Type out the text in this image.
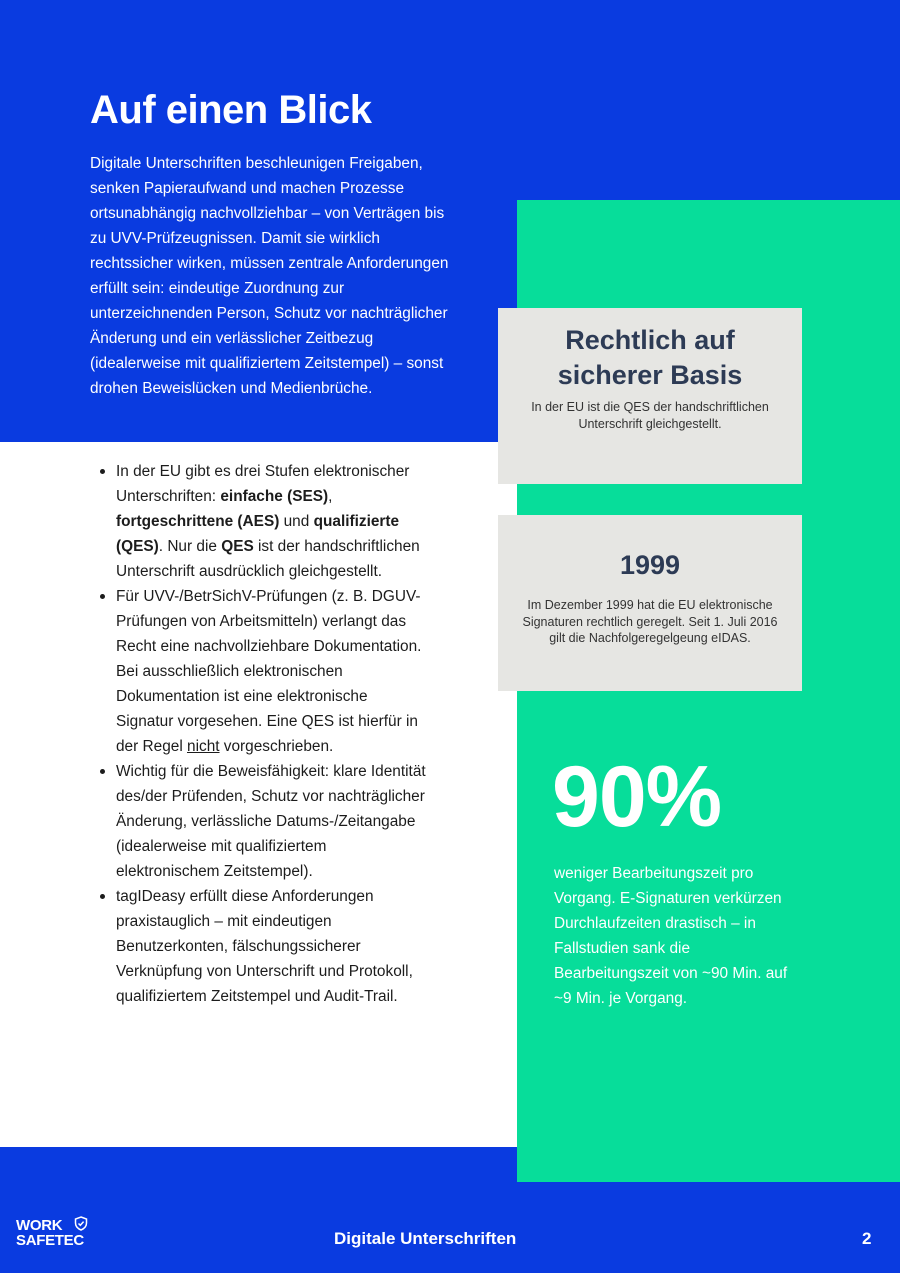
Auf einen Blick

Digitale Unterschriften beschleunigen Freigaben, senken Papieraufwand und machen Prozesse ortsunabhängig nachvollziehbar – von Verträgen bis zu UVV-Prüfzeugnissen. Damit sie wirklich rechtssicher wirken, müssen zentrale Anforderungen erfüllt sein: eindeutige Zuordnung zur unterzeichnenden Person, Schutz vor nachträglicher Änderung und ein verlässlicher Zeitbezug (idealerweise mit qualifiziertem Zeitstempel) – sonst drohen Beweislücken und Medienbrüche.

In der EU gibt es drei Stufen elektronischer Unterschriften: einfache (SES), fortgeschrittene (AES) und qualifizierte (QES). Nur die QES ist der handschriftlichen Unterschrift ausdrücklich gleichgestellt.
Für UVV-/BetrSichV-Prüfungen (z. B. DGUV-Prüfungen von Arbeitsmitteln) verlangt das Recht eine nachvollziehbare Dokumentation. Bei ausschließlich elektronischen Dokumentation ist eine elektronische Signatur vorgesehen. Eine QES ist hierfür in der Regel nicht vorgeschrieben.
Wichtig für die Beweisfähigkeit: klare Identität des/der Prüfenden, Schutz vor nachträglicher Änderung, verlässliche Datums-/Zeitangabe (idealerweise mit qualifiziertem elektronischem Zeitstempel).
tagIDeasy erfüllt diese Anforderungen praxistauglich – mit eindeutigen Benutzerkonten, fälschungssicherer Verknüpfung von Unterschrift und Protokoll, qualifiziertem Zeitstempel und Audit-Trail.
Rechtlich auf
sicherer Basis
In der EU ist die QES der handschriftlichen Unterschrift gleichgestellt.
1999
Im Dezember 1999 hat die EU elektronische Signaturen rechtlich geregelt. Seit 1. Juli 2016 gilt die Nachfolgeregelgeung eIDAS.
90%

weniger Bearbeitungszeit pro Vorgang. E-Signaturen verkürzen Durchlaufzeiten drastisch – in Fallstudien sank die Bearbeitungszeit von ~90 Min. auf ~9 Min. je Vorgang.

WORK
SAFETEC	Digitale Unterschriften	2
